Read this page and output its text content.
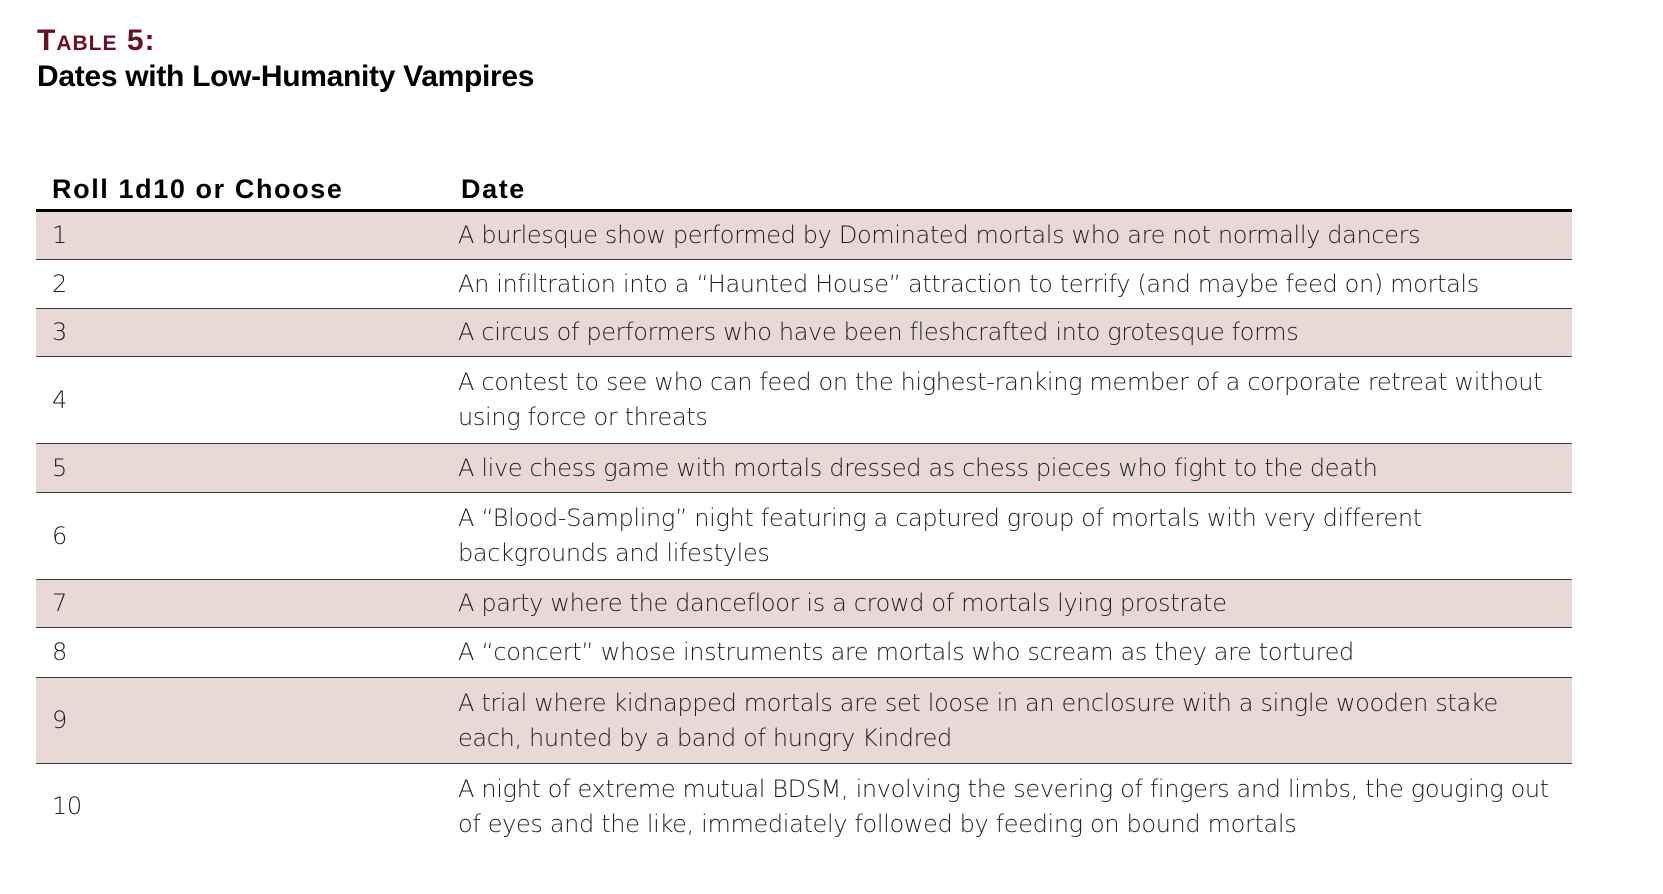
Table 5:
Dates with Low-Humanity Vampires
Roll 1d10 or Choose	Date
1	A burlesque show performed by Dominated mortals who are not normally dancers
2	An infiltration into a “Haunted House” attraction to terrify (and maybe feed on) mortals
3	A circus of performers who have been fleshcrafted into grotesque forms
4	A contest to see who can feed on the highest-ranking member of a corporate retreat without using force or threats
5	A live chess game with mortals dressed as chess pieces who fight to the death
6	A “Blood-Sampling” night featuring a captured group of mortals with very different backgrounds and lifestyles
7	A party where the dancefloor is a crowd of mortals lying prostrate
8	A “concert” whose instruments are mortals who scream as they are tortured
9	A trial where kidnapped mortals are set loose in an enclosure with a single wooden stake each, hunted by a band of hungry Kindred
10	A night of extreme mutual BDSM, involving the severing of fingers and limbs, the gouging out of eyes and the like, immediately followed by feeding on bound mortals
